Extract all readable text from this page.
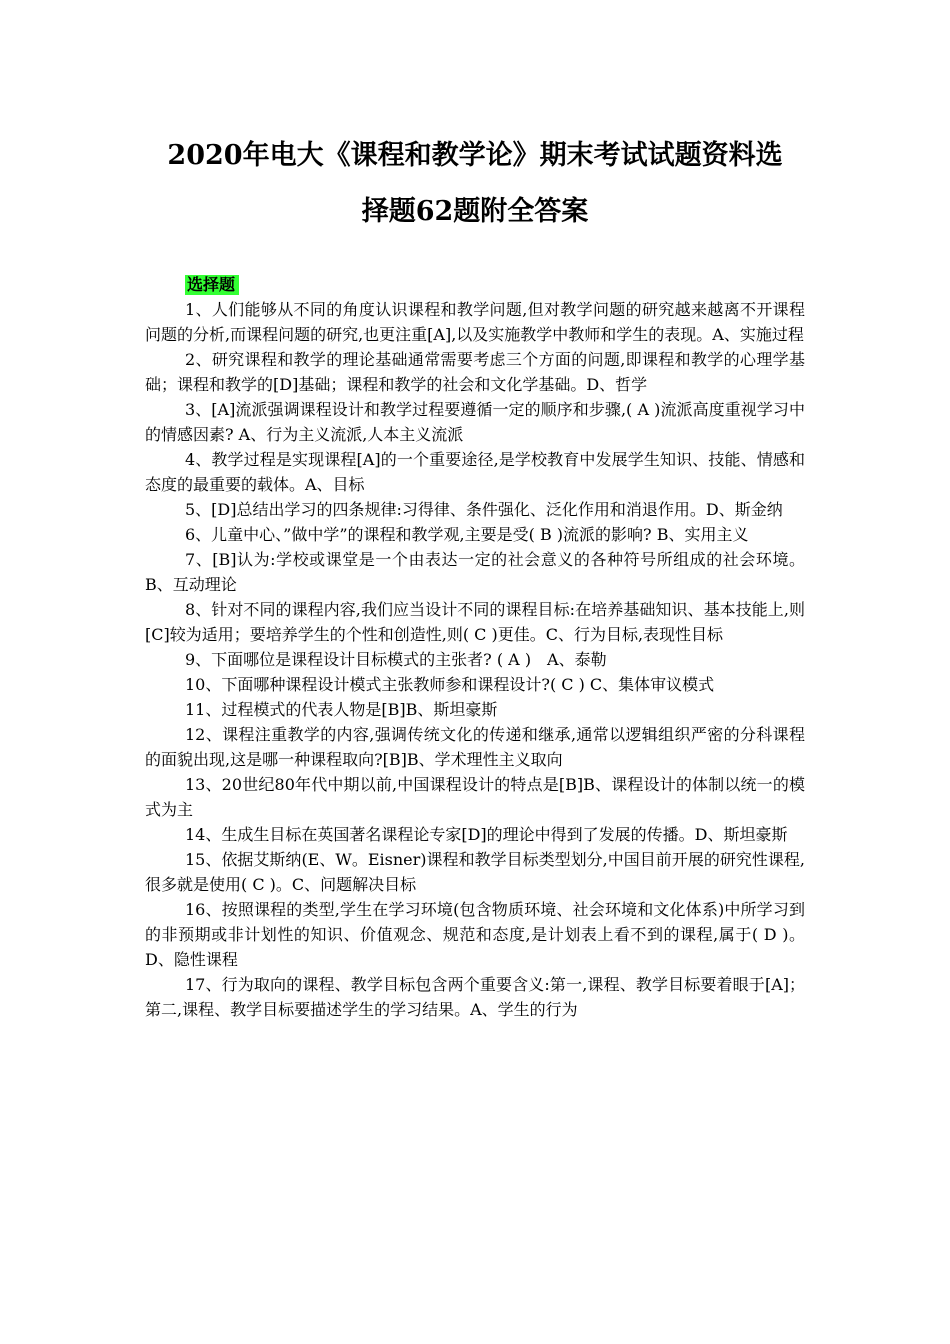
2020年电大《课程和教学论》期末考试试题资料选
择题62题附全答案
选择题

1、人们能够从不同的角度认识课程和教学问题,但对教学问题的研究越来越离不开课程问题的分析,而课程问题的研究,也更注重[A],以及实施教学中教师和学生的表现。A、实施过程

2、研究课程和教学的理论基础通常需要考虑三个方面的问题,即课程和教学的心理学基础；课程和教学的[D]基础；课程和教学的社会和文化学基础。D、哲学

3、[A]流派强调课程设计和教学过程要遵循一定的顺序和步骤,( A )流派高度重视学习中的情感因素? A、行为主义流派,人本主义流派

4、教学过程是实现课程[A]的一个重要途径,是学校教育中发展学生知识、技能、情感和态度的最重要的载体。A、目标

5、[D]总结出学习的四条规律:习得律、条件强化、泛化作用和消退作用。D、斯金纳

6、儿童中心、”做中学”的课程和教学观,主要是受( B )流派的影响? B、实用主义

7、[B]认为:学校或课堂是一个由表达一定的社会意义的各种符号所组成的社会环境。B、互动理论

8、针对不同的课程内容,我们应当设计不同的课程目标:在培养基础知识、基本技能上,则[C]较为适用；要培养学生的个性和创造性,则( C )更佳。C、行为目标,表现性目标

9、下面哪位是课程设计目标模式的主张者? ( A )　A、泰勒

10、下面哪种课程设计模式主张教师参和课程设计?( C ) C、集体审议模式

11、过程模式的代表人物是[B]B、斯坦豪斯

12、课程注重教学的内容,强调传统文化的传递和继承,通常以逻辑组织严密的分科课程的面貌出现,这是哪一种课程取向?[B]B、学术理性主义取向

13、20世纪80年代中期以前,中国课程设计的特点是[B]B、课程设计的体制以统一的模式为主

14、生成生目标在英国著名课程论专家[D]的理论中得到了发展的传播。D、斯坦豪斯

15、依据艾斯纳(E、W。Eisner)课程和教学目标类型划分,中国目前开展的研究性课程,很多就是使用( C )。C、问题解决目标

16、按照课程的类型,学生在学习环境(包含物质环境、社会环境和文化体系)中所学习到的非预期或非计划性的知识、价值观念、规范和态度,是计划表上看不到的课程,属于( D )。D、隐性课程

17、行为取向的课程、教学目标包含两个重要含义:第一,课程、教学目标要着眼于[A]；第二,课程、教学目标要描述学生的学习结果。A、学生的行为
